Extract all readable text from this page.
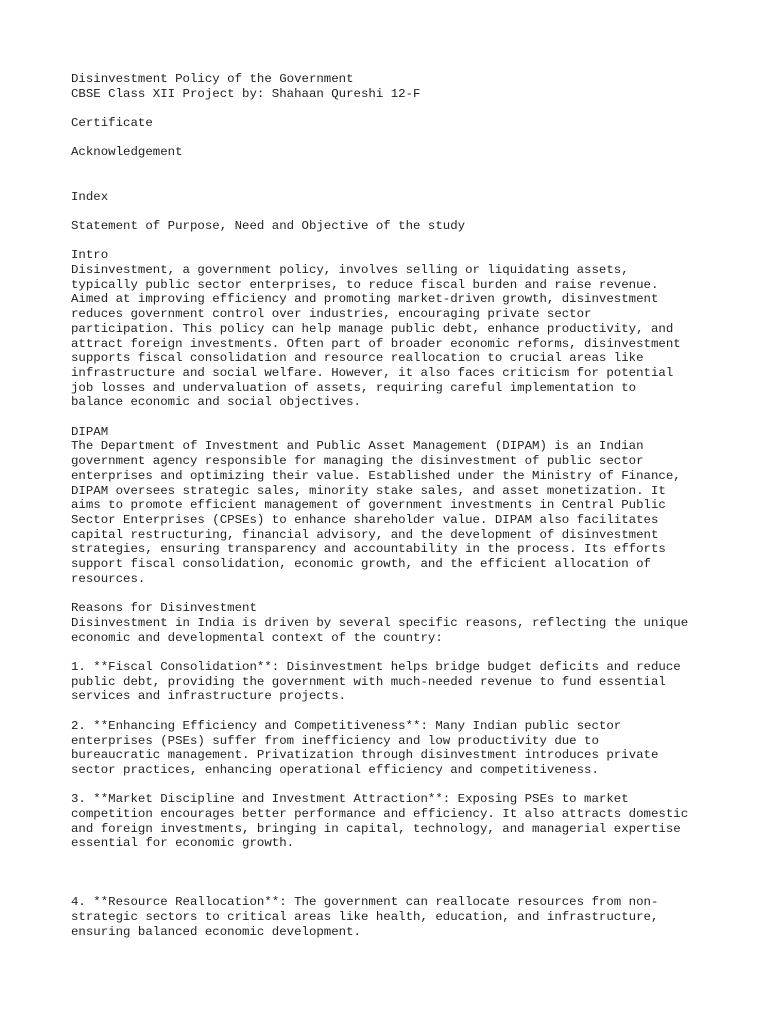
Disinvestment Policy of the Government
CBSE Class XII Project by: Shahaan Qureshi 12-F
Certificate
Acknowledgement
Index
Statement of Purpose, Need and Objective of the study
Intro
Disinvestment, a government policy, involves selling or liquidating assets,
typically public sector enterprises, to reduce fiscal burden and raise revenue.
Aimed at improving efficiency and promoting market-driven growth, disinvestment
reduces government control over industries, encouraging private sector
participation. This policy can help manage public debt, enhance productivity, and
attract foreign investments. Often part of broader economic reforms, disinvestment
supports fiscal consolidation and resource reallocation to crucial areas like
infrastructure and social welfare. However, it also faces criticism for potential
job losses and undervaluation of assets, requiring careful implementation to
balance economic and social objectives.
DIPAM
The Department of Investment and Public Asset Management (DIPAM) is an Indian
government agency responsible for managing the disinvestment of public sector
enterprises and optimizing their value. Established under the Ministry of Finance,
DIPAM oversees strategic sales, minority stake sales, and asset monetization. It
aims to promote efficient management of government investments in Central Public
Sector Enterprises (CPSEs) to enhance shareholder value. DIPAM also facilitates
capital restructuring, financial advisory, and the development of disinvestment
strategies, ensuring transparency and accountability in the process. Its efforts
support fiscal consolidation, economic growth, and the efficient allocation of
resources.
Reasons for Disinvestment
Disinvestment in India is driven by several specific reasons, reflecting the unique
economic and developmental context of the country:
1. **Fiscal Consolidation**: Disinvestment helps bridge budget deficits and reduce
public debt, providing the government with much-needed revenue to fund essential
services and infrastructure projects.
2. **Enhancing Efficiency and Competitiveness**: Many Indian public sector
enterprises (PSEs) suffer from inefficiency and low productivity due to
bureaucratic management. Privatization through disinvestment introduces private
sector practices, enhancing operational efficiency and competitiveness.
3. **Market Discipline and Investment Attraction**: Exposing PSEs to market
competition encourages better performance and efficiency. It also attracts domestic
and foreign investments, bringing in capital, technology, and managerial expertise
essential for economic growth.
4. **Resource Reallocation**: The government can reallocate resources from non-
strategic sectors to critical areas like health, education, and infrastructure,
ensuring balanced economic development.
